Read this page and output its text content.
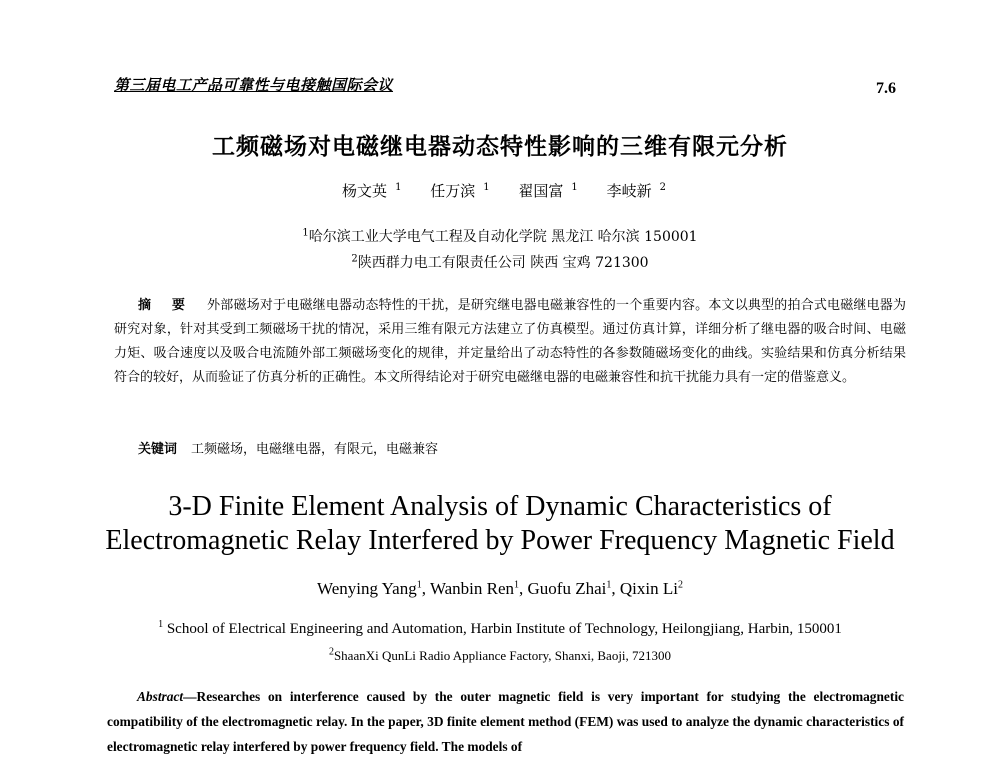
第三届电工产品可靠性与电接触国际会议	7.6
工频磁场对电磁继电器动态特性影响的三维有限元分析
杨文英 $^1$ 任万滨 $^1$ 翟国富 $^1$ 李岐新 $^2$
$^1$哈尔滨工业大学电气工程及自动化学院 黑龙江 哈尔滨 150001
$^2$陕西群力电工有限责任公司 陕西 宝鸡 721300
摘 要 外部磁场对于电磁继电器动态特性的干扰，是研究继电器电磁兼容性的一个重要内容。本文以典型的拍合式电磁继电器为研究对象，针对其受到工频磁场干扰的情况，采用三维有限元方法建立了仿真模型。通过仿真计算，详细分析了继电器的吸合时间、电磁力矩、吸合速度以及吸合电流随外部工频磁场变化的规律，并定量给出了动态特性的各参数随磁场变化的曲线。实验结果和仿真分析结果符合的较好，从而验证了仿真分析的正确性。本文所得结论对于研究电磁继电器的电磁兼容性和抗干扰能力具有一定的借鉴意义。
关键词 工频磁场，电磁继电器，有限元，电磁兼容
3-D Finite Element Analysis of Dynamic Characteristics of
Electromagnetic Relay Interfered by Power Frequency Magnetic Field
Wenying Yang$^1$, Wanbin Ren$^1$, Guofu Zhai$^1$, Qixin Li$^2$
$^1$ School of Electrical Engineering and Automation, Harbin Institute of Technology, Heilongjiang, Harbin, 150001
$^2$ShaanXi QunLi Radio Appliance Factory, Shanxi, Baoji, 721300
Abstract—Researches on interference caused by the outer magnetic field is very important for studying the electromagnetic compatibility of the electromagnetic relay. In the paper, 3D finite element method (FEM) was used to analyze the dynamic characteristics of electromagnetic relay interfered by power frequency field. The models of
